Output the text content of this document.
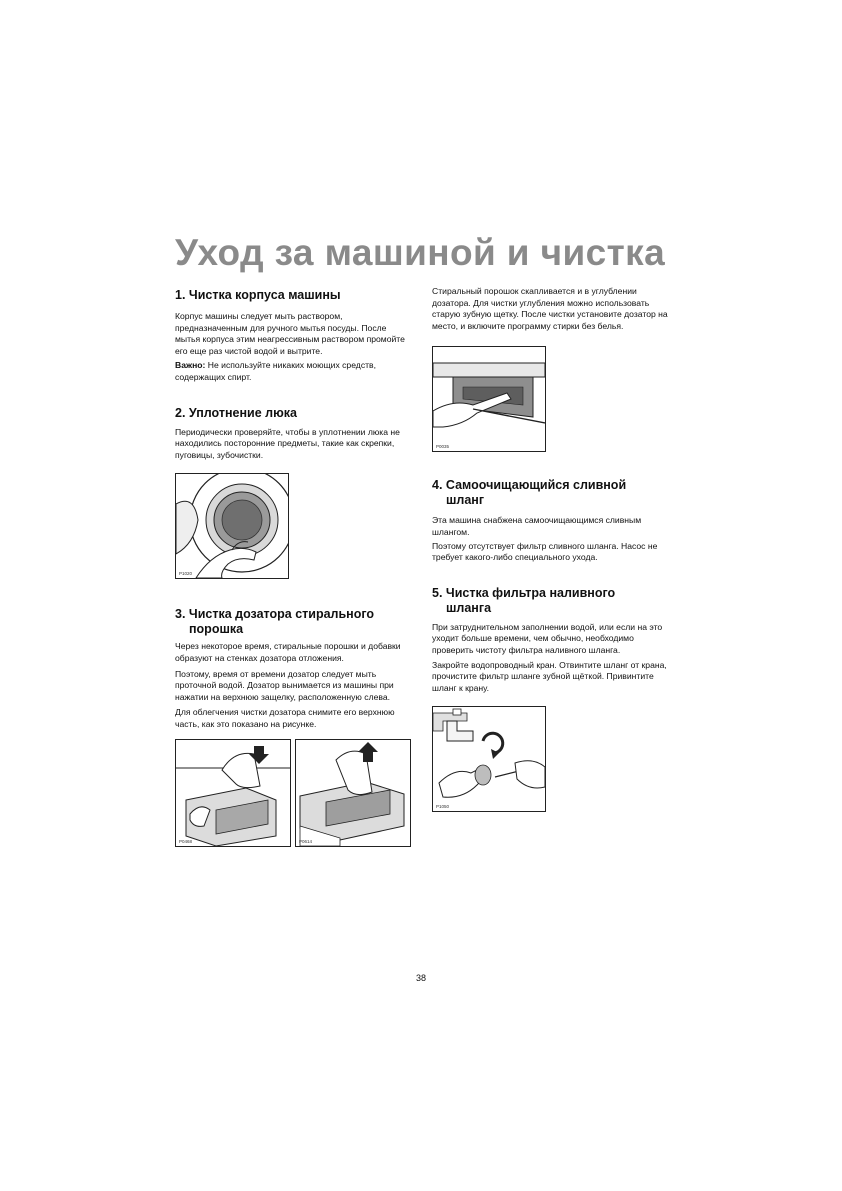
Уход за машиной и чистка
1. Чистка корпуса машины

Корпус машины следует мыть раствором, предназначенным для ручного мытья посуды. После мытья корпуса этим неагрессивным раствором промойте его еще раз чистой водой и вытрите.

Важно: Не используйте никаких моющих средств, содержащих спирт.

2. Уплотнение люка

Периодически проверяйте, чтобы в уплотнении люка не находились посторонние предметы, такие как скрепки, пуговицы, зубочистки.

P1020
3. Чистка дозатора стирального
порошка

Через некоторое время, стиральные порошки и добавки образуют на стенках дозатора отложения.

Поэтому, время от времени дозатор следует мыть проточной водой. Дозатор вынимается из машины при нажатии на верхнюю защелку, расположенную слева.

Для облегчения чистки дозатора снимите его верхнюю часть, как это показано на рисунке.

P0468	P0614

Стиральный порошок скапливается и в углублении дозатора. Для чистки углубления можно использовать старую зубную щетку. После чистки установите дозатор на место, и включите программу стирки без белья.

P0035
4. Самоочищающийся сливной
шланг

Эта машина снабжена самоочищающимся сливным шлангом.

Поэтому отсутствует фильтр сливного шланга. Насос не требует какого-либо специального ухода.

5. Чистка фильтра наливного
шланга

При затруднительном заполнении водой, или если на это уходит больше времени, чем обычно, необходимо проверить чистоту фильтра наливного шланга.

Закройте водопроводный кран. Отвинтите шланг от крана, прочистите фильтр шланге зубной щёткой. Привинтите шланг к крану.

P1050
38
